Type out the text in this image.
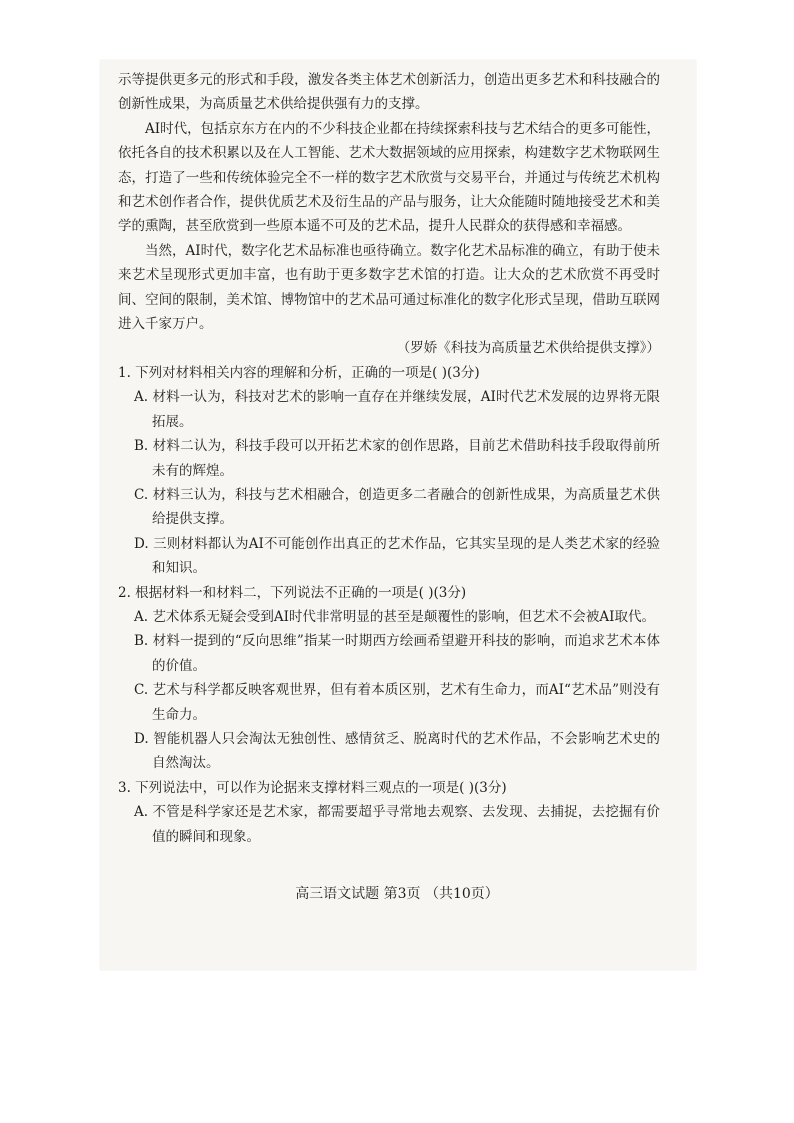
示等提供更多元的形式和手段，激发各类主体艺术创新活力，创造出更多艺术和科技融合的创新性成果，为高质量艺术供给提供强有力的支撑。

AI时代，包括京东方在内的不少科技企业都在持续探索科技与艺术结合的更多可能性，依托各自的技术积累以及在人工智能、艺术大数据领域的应用探索，构建数字艺术物联网生态，打造了一些和传统体验完全不一样的数字艺术欣赏与交易平台，并通过与传统艺术机构和艺术创作者合作，提供优质艺术及衍生品的产品与服务，让大众能随时随地接受艺术和美学的熏陶，甚至欣赏到一些原本遥不可及的艺术品，提升人民群众的获得感和幸福感。

当然，AI时代，数字化艺术品标准也亟待确立。数字化艺术品标准的确立，有助于使未来艺术呈现形式更加丰富，也有助于更多数字艺术馆的打造。让大众的艺术欣赏不再受时间、空间的限制，美术馆、博物馆中的艺术品可通过标准化的数字化形式呈现，借助互联网进入千家万户。

（罗娇《科技为高质量艺术供给提供支撑》）

1. 下列对材料相关内容的理解和分析，正确的一项是( )(3分)

A. 材料一认为，科技对艺术的影响一直存在并继续发展，AI时代艺术发展的边界将无限拓展。

B. 材料二认为，科技手段可以开拓艺术家的创作思路，目前艺术借助科技手段取得前所未有的辉煌。

C. 材料三认为，科技与艺术相融合，创造更多二者融合的创新性成果，为高质量艺术供给提供支撑。

D. 三则材料都认为AI不可能创作出真正的艺术作品，它其实呈现的是人类艺术家的经验和知识。

2. 根据材料一和材料二，下列说法不正确的一项是( )(3分)

A. 艺术体系无疑会受到AI时代非常明显的甚至是颠覆性的影响，但艺术不会被AI取代。

B. 材料一提到的“反向思维”指某一时期西方绘画希望避开科技的影响，而追求艺术本体的价值。

C. 艺术与科学都反映客观世界，但有着本质区别，艺术有生命力，而AI“艺术品”则没有生命力。

D. 智能机器人只会淘汰无独创性、感情贫乏、脱离时代的艺术作品，不会影响艺术史的自然淘汰。

3. 下列说法中，可以作为论据来支撑材料三观点的一项是( )(3分)

A. 不管是科学家还是艺术家，都需要超乎寻常地去观察、去发现、去捕捉，去挖掘有价值的瞬间和现象。

高三语文试题 第3页 （共10页）
